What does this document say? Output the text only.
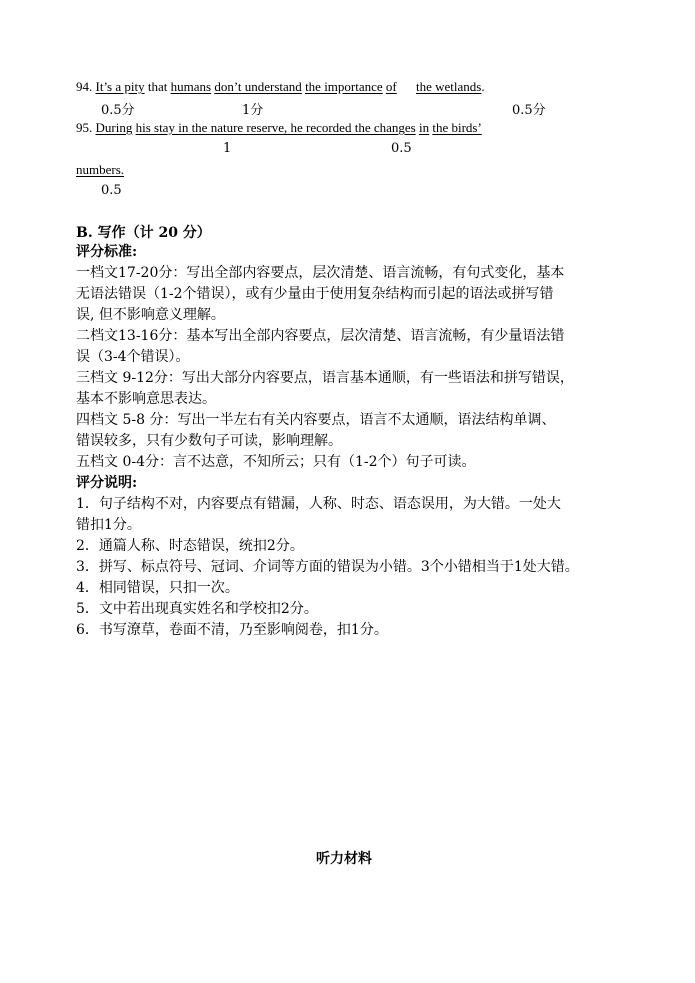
94. It’s a pity that humans don’t understand the importance of the wetlands.
0.5分	1分	0.5分
95. During his stay in the nature reserve, he recorded the changes in the birds’
1	0.5
numbers.
0.5
B. 写作（计 20 分）
评分标准:
一档文17-20分：写出全部内容要点，层次清楚、语言流畅，有句式变化，基本
无语法错误（1-2个错误），或有少量由于使用复杂结构而引起的语法或拼写错
误, 但不影响意义理解。
二档文13-16分：基本写出全部内容要点，层次清楚、语言流畅，有少量语法错
误（3-4个错误）。
三档文 9-12分：写出大部分内容要点，语言基本通顺，有一些语法和拼写错误，
基本不影响意思表达。
四档文 5-8 分：写出一半左右有关内容要点，语言不太通顺，语法结构单调、
错误较多，只有少数句子可读，影响理解。
五档文 0-4分：言不达意，不知所云；只有（1-2个）句子可读。
评分说明:
1．句子结构不对，内容要点有错漏，人称、时态、语态误用，为大错。一处大
错扣1分。
2．通篇人称、时态错误，统扣2分。
3．拼写、标点符号、冠词、介词等方面的错误为小错。3个小错相当于1处大错。
4．相同错误，只扣一次。
5．文中若出现真实姓名和学校扣2分。
6．书写潦草，卷面不清，乃至影响阅卷，扣1分。
听力材料
